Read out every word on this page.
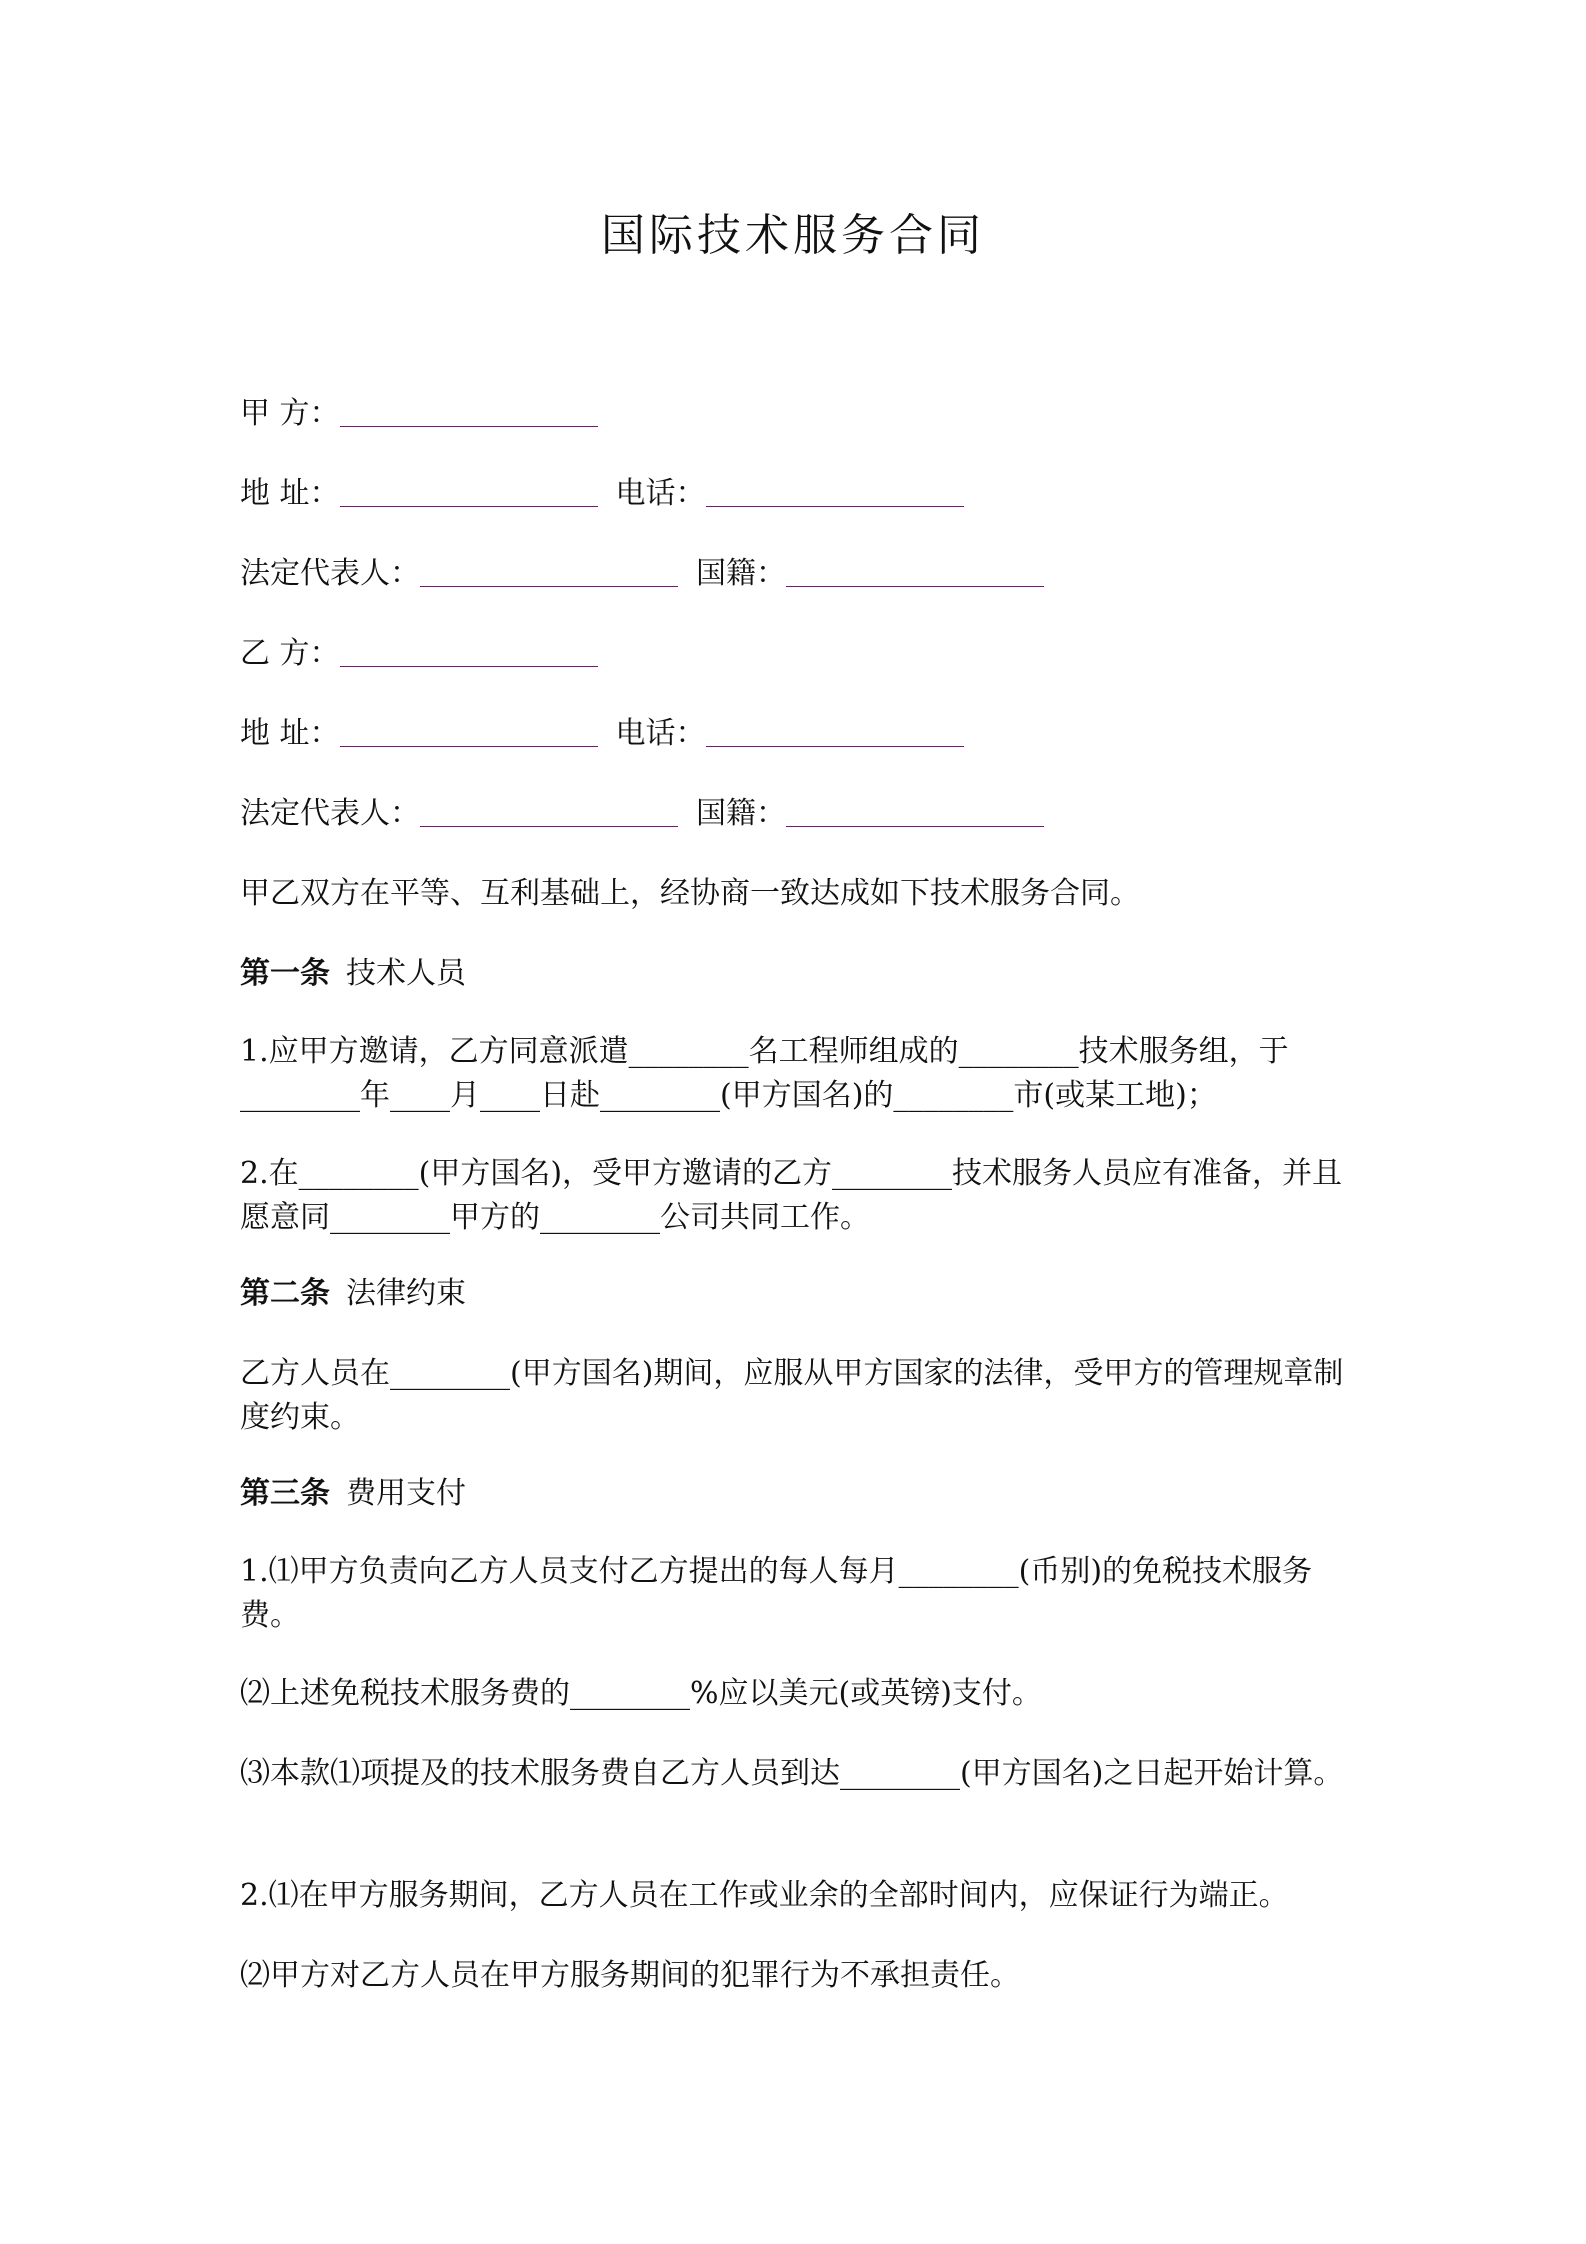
国际技术服务合同
甲 方：
地 址：	电话：
法定代表人：	国籍：
乙 方：
地 址：	电话：
法定代表人：	国籍：
甲乙双方在平等、互利基础上，经协商一致达成如下技术服务合同。
第一条 技术人员
1.应甲方邀请，乙方同意派遣________名工程师组成的________技术服务组，于________年____月____日赴________(甲方国名)的________市(或某工地)；
2.在________(甲方国名)，受甲方邀请的乙方________技术服务人员应有准备，并且愿意同________甲方的________公司共同工作。
第二条 法律约束
乙方人员在________(甲方国名)期间，应服从甲方国家的法律，受甲方的管理规章制度约束。
第三条 费用支付
1.⑴甲方负责向乙方人员支付乙方提出的每人每月________(币别)的免税技术服务费。
⑵上述免税技术服务费的________%应以美元(或英镑)支付。
⑶本款⑴项提及的技术服务费自乙方人员到达________(甲方国名)之日起开始计算。
2.⑴在甲方服务期间，乙方人员在工作或业余的全部时间内，应保证行为端正。
⑵甲方对乙方人员在甲方服务期间的犯罪行为不承担责任。
